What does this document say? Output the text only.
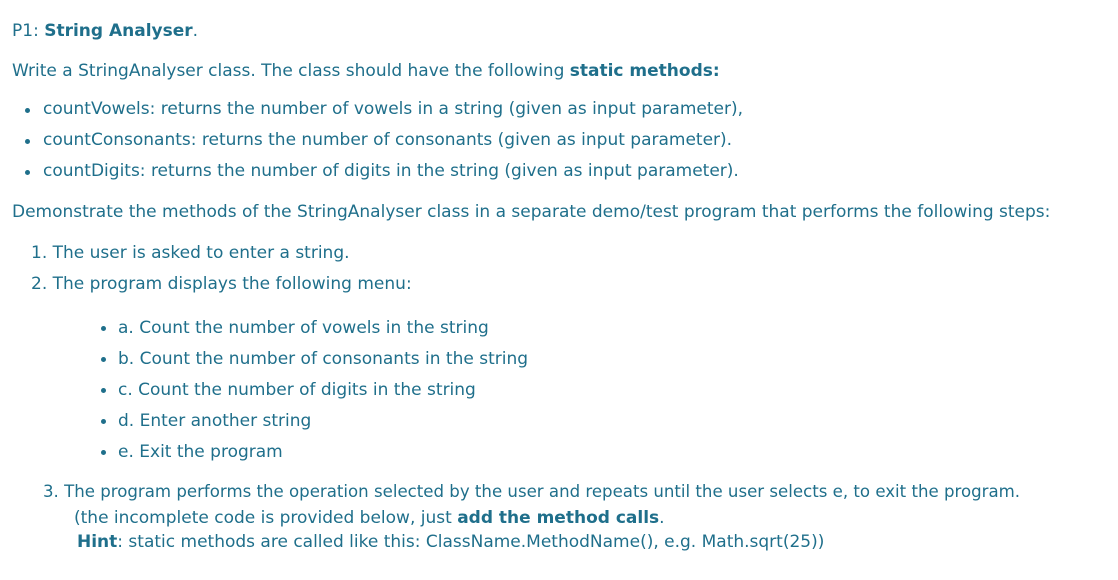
P1: String Analyser.
Write a StringAnalyser class. The class should have the following static methods:
countVowels: returns the number of vowels in a string (given as input parameter),
countConsonants: returns the number of consonants (given as input parameter).
countDigits: returns the number of digits in the string (given as input parameter).
Demonstrate the methods of the StringAnalyser class in a separate demo/test program that performs the following steps:
1. The user is asked to enter a string.
2. The program displays the following menu:
a. Count the number of vowels in the string
b. Count the number of consonants in the string
c. Count the number of digits in the string
d. Enter another string
e. Exit the program
3. The program performs the operation selected by the user and repeats until the user selects e, to exit the program.
(the incomplete code is provided below, just add the method calls.
Hint: static methods are called like this: ClassName.MethodName(), e.g. Math.sqrt(25))
